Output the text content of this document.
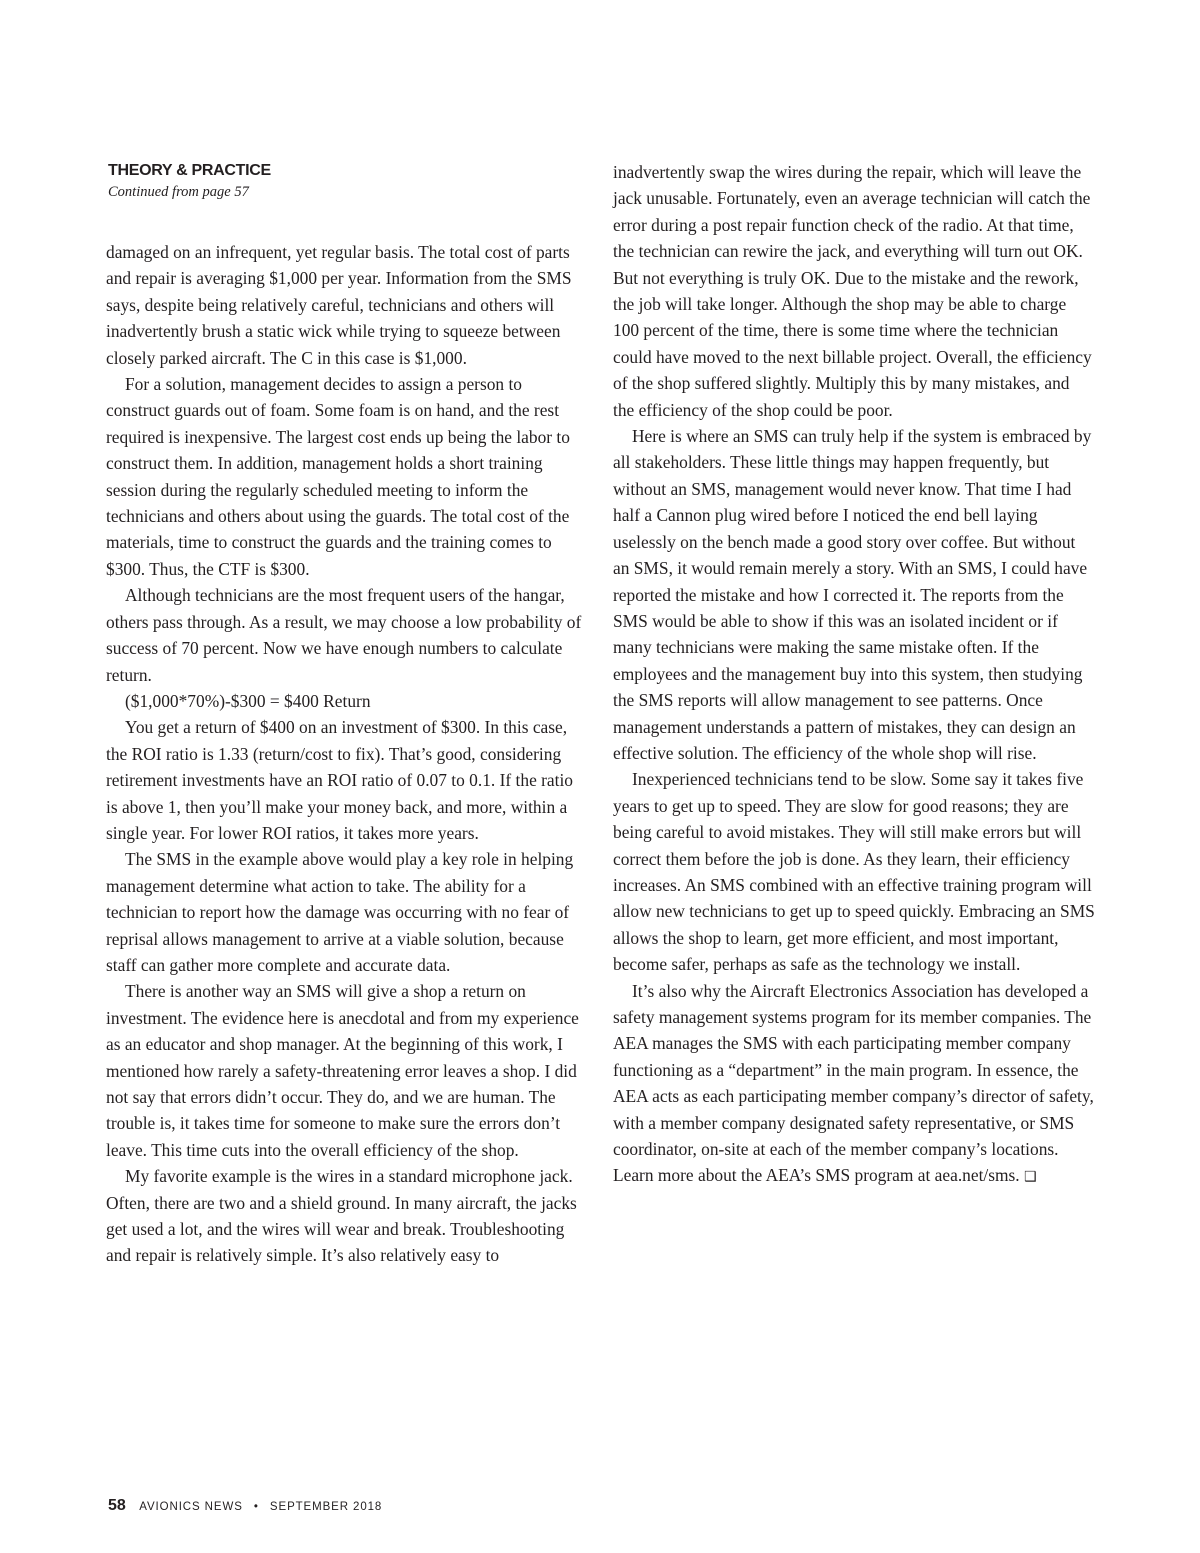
THEORY & PRACTICE

Continued from page 57

damaged on an infrequent, yet regular basis. The total cost of parts and repair is averaging $1,000 per year. Information from the SMS says, despite being relatively careful, technicians and others will inadvertently brush a static wick while trying to squeeze between closely parked aircraft. The C in this case is $1,000.

For a solution, management decides to assign a person to construct guards out of foam. Some foam is on hand, and the rest required is inexpensive. The largest cost ends up being the labor to construct them. In addition, management holds a short training session during the regularly scheduled meeting to inform the technicians and others about using the guards. The total cost of the materials, time to construct the guards and the training comes to $300. Thus, the CTF is $300.

Although technicians are the most frequent users of the hangar, others pass through. As a result, we may choose a low probability of success of 70 percent. Now we have enough numbers to calculate return.

($1,000*70%)-$300 = $400 Return

You get a return of $400 on an investment of $300. In this case, the ROI ratio is 1.33 (return/cost to fix). That’s good, considering retirement investments have an ROI ratio of 0.07 to 0.1. If the ratio is above 1, then you’ll make your money back, and more, within a single year. For lower ROI ratios, it takes more years.

The SMS in the example above would play a key role in helping management determine what action to take. The ability for a technician to report how the damage was occurring with no fear of reprisal allows management to arrive at a viable solution, because staff can gather more complete and accurate data.

There is another way an SMS will give a shop a return on investment. The evidence here is anecdotal and from my experience as an educator and shop manager. At the beginning of this work, I mentioned how rarely a safety-threatening error leaves a shop. I did not say that errors didn’t occur. They do, and we are human. The trouble is, it takes time for someone to make sure the errors don’t leave. This time cuts into the overall efficiency of the shop.

My favorite example is the wires in a standard microphone jack. Often, there are two and a shield ground. In many aircraft, the jacks get used a lot, and the wires will wear and break. Troubleshooting and repair is relatively simple. It’s also relatively easy to

inadvertently swap the wires during the repair, which will leave the jack unusable. Fortunately, even an average technician will catch the error during a post repair function check of the radio. At that time, the technician can rewire the jack, and everything will turn out OK. But not everything is truly OK. Due to the mistake and the rework, the job will take longer. Although the shop may be able to charge 100 percent of the time, there is some time where the technician could have moved to the next billable project. Overall, the efficiency of the shop suffered slightly. Multiply this by many mistakes, and the efficiency of the shop could be poor.

Here is where an SMS can truly help if the system is embraced by all stakeholders. These little things may happen frequently, but without an SMS, management would never know. That time I had half a Cannon plug wired before I noticed the end bell laying uselessly on the bench made a good story over coffee. But without an SMS, it would remain merely a story. With an SMS, I could have reported the mistake and how I corrected it. The reports from the SMS would be able to show if this was an isolated incident or if many technicians were making the same mistake often. If the employees and the management buy into this system, then studying the SMS reports will allow management to see patterns. Once management understands a pattern of mistakes, they can design an effective solution. The efficiency of the whole shop will rise.

Inexperienced technicians tend to be slow. Some say it takes five years to get up to speed. They are slow for good reasons; they are being careful to avoid mistakes. They will still make errors but will correct them before the job is done. As they learn, their efficiency increases. An SMS combined with an effective training program will allow new technicians to get up to speed quickly. Embracing an SMS allows the shop to learn, get more efficient, and most important, become safer, perhaps as safe as the technology we install.

It’s also why the Aircraft Electronics Association has developed a safety management systems program for its member companies. The AEA manages the SMS with each participating member company functioning as a “department” in the main program. In essence, the AEA acts as each participating member company’s director of safety, with a member company designated safety representative, or SMS coordinator, on-site at each of the member company’s locations. Learn more about the AEA’s SMS program at aea.net/sms. ❑

58 AVIONICS NEWS • SEPTEMBER 2018
